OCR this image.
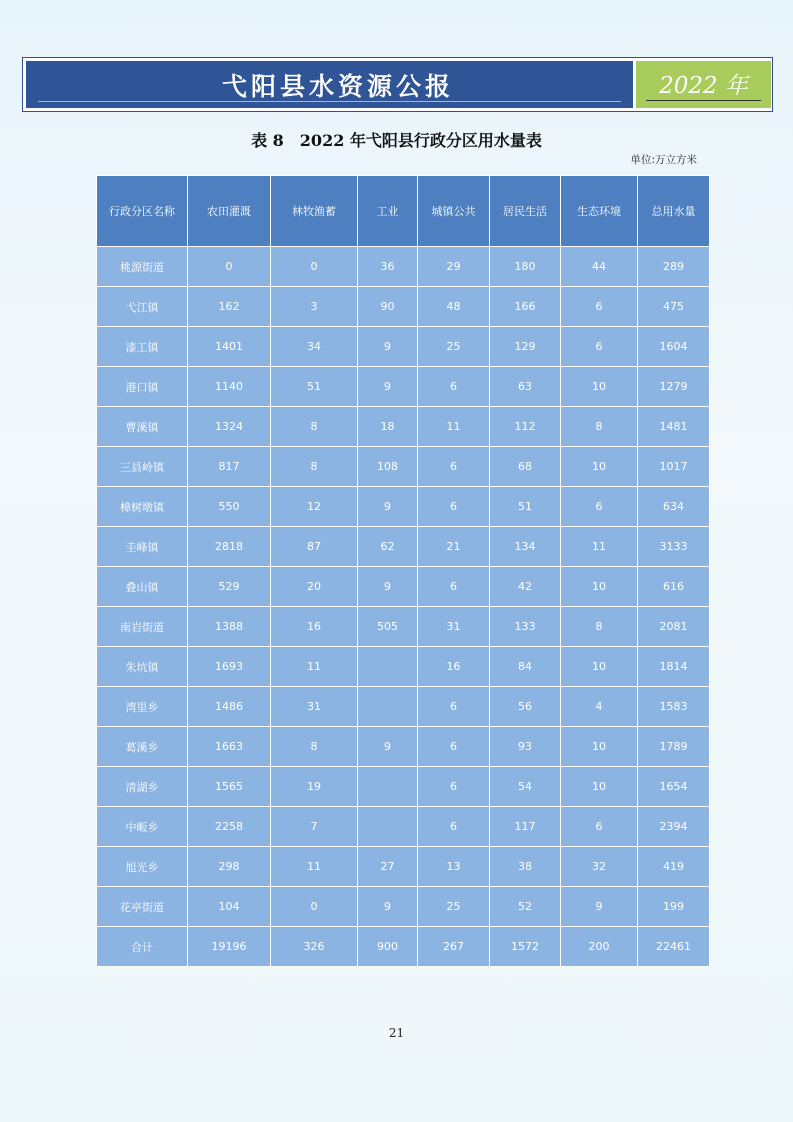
弋阳县水资源公报	2022 年
表 8　2022 年弋阳县行政分区用水量表
单位:万立方米
行政分区名称	农田灌溉	林牧渔蓄	工业	城镇公共	居民生活	生态环境	总用水量
桃源街道	0	0	36	29	180	44	289
弋江镇	162	3	90	48	166	6	475
漆工镇	1401	34	9	25	129	6	1604
港口镇	1140	51	9	6	63	10	1279
曹溪镇	1324	8	18	11	112	8	1481
三县岭镇	817	8	108	6	68	10	1017
樟树墩镇	550	12	9	6	51	6	634
圭峰镇	2818	87	62	21	134	11	3133
叠山镇	529	20	9	6	42	10	616
南岩街道	1388	16	505	31	133	8	2081
朱坑镇	1693	11		16	84	10	1814
湾里乡	1486	31		6	56	4	1583
葛溪乡	1663	8	9	6	93	10	1789
清湖乡	1565	19		6	54	10	1654
中畈乡	2258	7		6	117	6	2394
旭光乡	298	11	27	13	38	32	419
花亭街道	104	0	9	25	52	9	199
合计	19196	326	900	267	1572	200	22461
21
